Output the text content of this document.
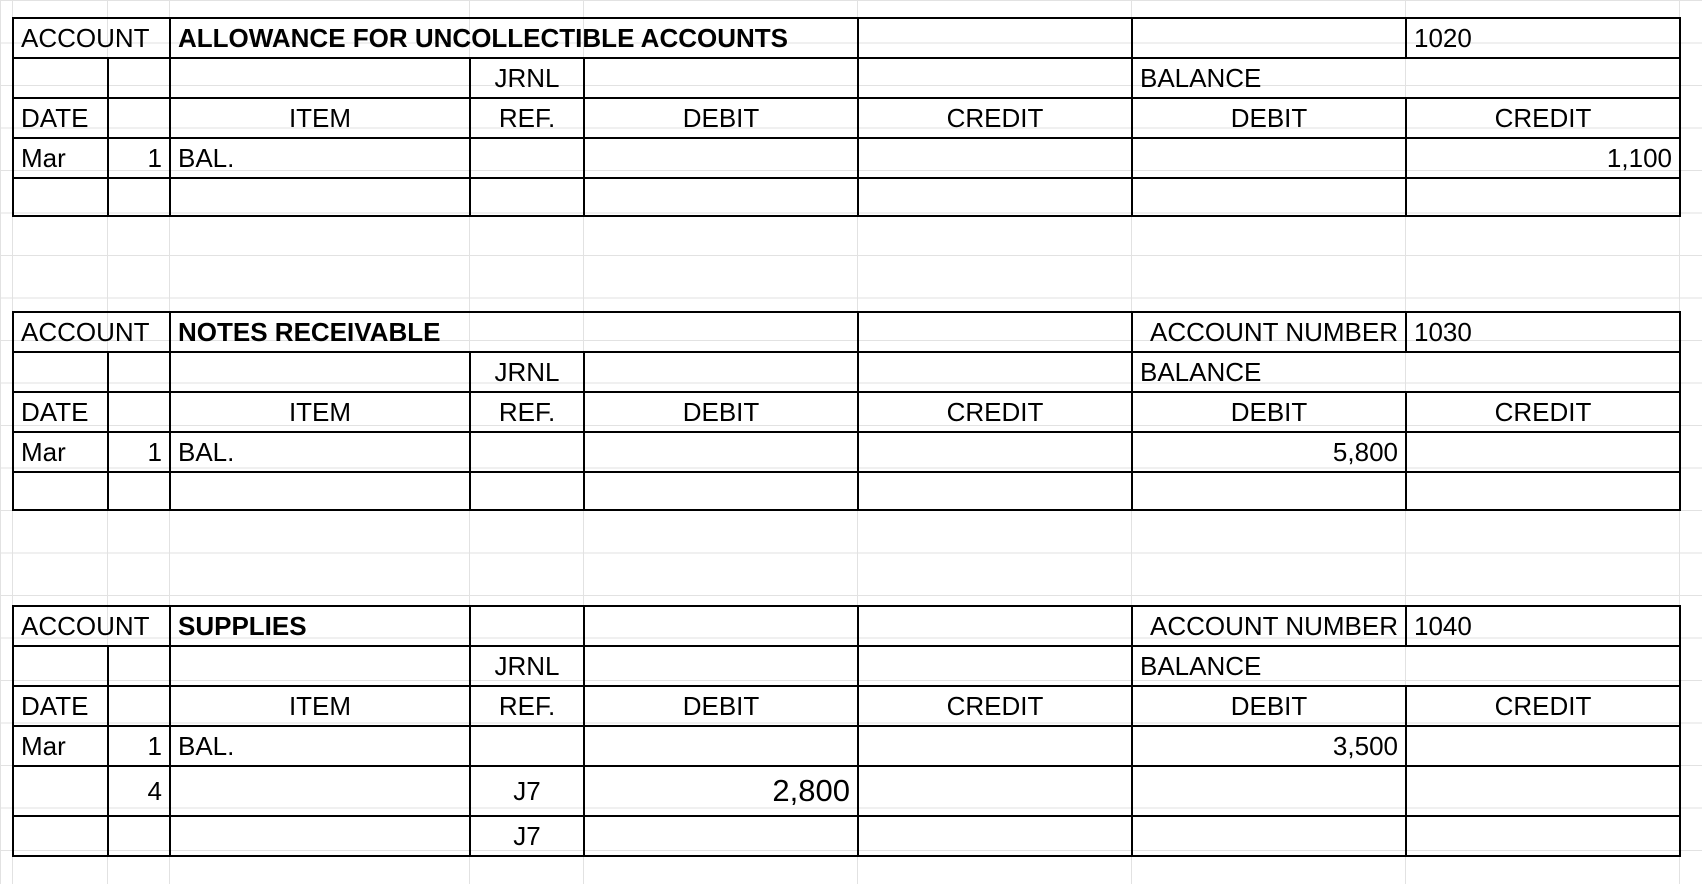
ACCOUNT		ALLOWANCE FOR UNCOLLECTIBLE ACCOUNTS					1020
			JRNL			BALANCE	
DATE		ITEM	REF.	DEBIT	CREDIT	DEBIT	CREDIT
Mar	1	BAL.					1,100

ACCOUNT		NOTES RECEIVABLE				ACCOUNT NUMBER	1030
			JRNL			BALANCE	
DATE		ITEM	REF.	DEBIT	CREDIT	DEBIT	CREDIT
Mar	1	BAL.				5,800	

ACCOUNT		SUPPLIES				ACCOUNT NUMBER	1040
			JRNL			BALANCE	
DATE		ITEM	REF.	DEBIT	CREDIT	DEBIT	CREDIT
Mar	1	BAL.				3,500	
	4		J7	2,800			
			J7				
